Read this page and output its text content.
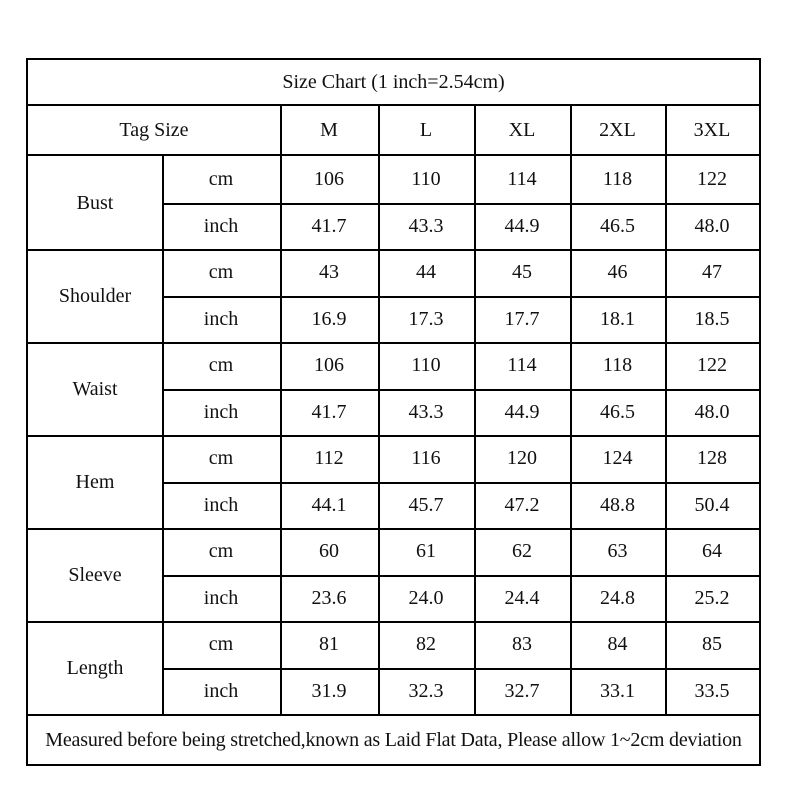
Size Chart (1 inch=2.54cm)
Tag Size	M	L	XL	2XL	3XL
Bust
cm	106	110	114	118	122
inch	41.7	43.3	44.9	46.5	48.0
Shoulder
cm	43	44	45	46	47
inch	16.9	17.3	17.7	18.1	18.5
Waist
cm	106	110	114	118	122
inch	41.7	43.3	44.9	46.5	48.0
Hem
cm	112	116	120	124	128
inch	44.1	45.7	47.2	48.8	50.4
Sleeve
cm	60	61	62	63	64
inch	23.6	24.0	24.4	24.8	25.2
Length
cm	81	82	83	84	85
inch	31.9	32.3	32.7	33.1	33.5
Measured before being stretched,known as Laid Flat Data, Please allow 1~2cm deviation
